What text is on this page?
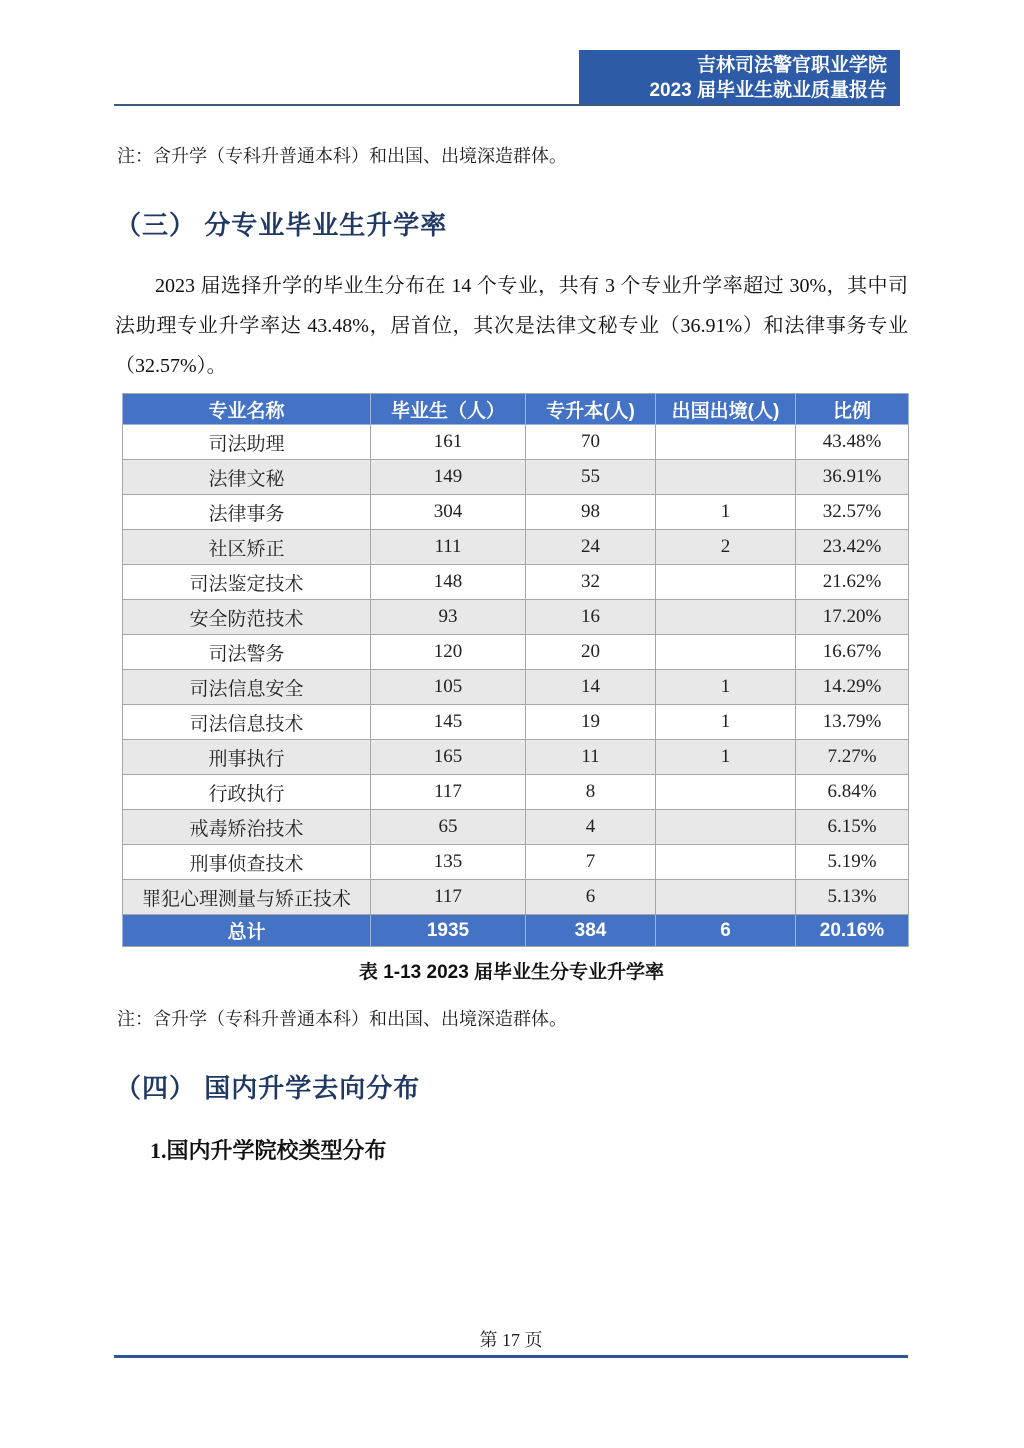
吉林司法警官职业学院
2023 届毕业生就业质量报告

注：含升学（专科升普通本科）和出国、出境深造群体。

（三） 分专业毕业生升学率

2023 届选择升学的毕业生分布在 14 个专业，共有 3 个专业升学率超过 30%，其中司法助理专业升学率达 43.48%，居首位，其次是法律文秘专业（36.91%）和法律事务专业（32.57%）。

专业名称	毕业生（人）	专升本(人)	出国出境(人)	比例
司法助理	161	70		43.48%
法律文秘	149	55		36.91%
法律事务	304	98	1	32.57%
社区矫正	111	24	2	23.42%
司法鉴定技术	148	32		21.62%
安全防范技术	93	16		17.20%
司法警务	120	20		16.67%
司法信息安全	105	14	1	14.29%
司法信息技术	145	19	1	13.79%
刑事执行	165	11	1	7.27%
行政执行	117	8		6.84%
戒毒矫治技术	65	4		6.15%
刑事侦查技术	135	7		5.19%
罪犯心理测量与矫正技术	117	6		5.13%
总计	1935	384	6	20.16%

表 1-13 2023 届毕业生分专业升学率

注：含升学（专科升普通本科）和出国、出境深造群体。

（四） 国内升学去向分布
1.国内升学院校类型分布
第 17 页
